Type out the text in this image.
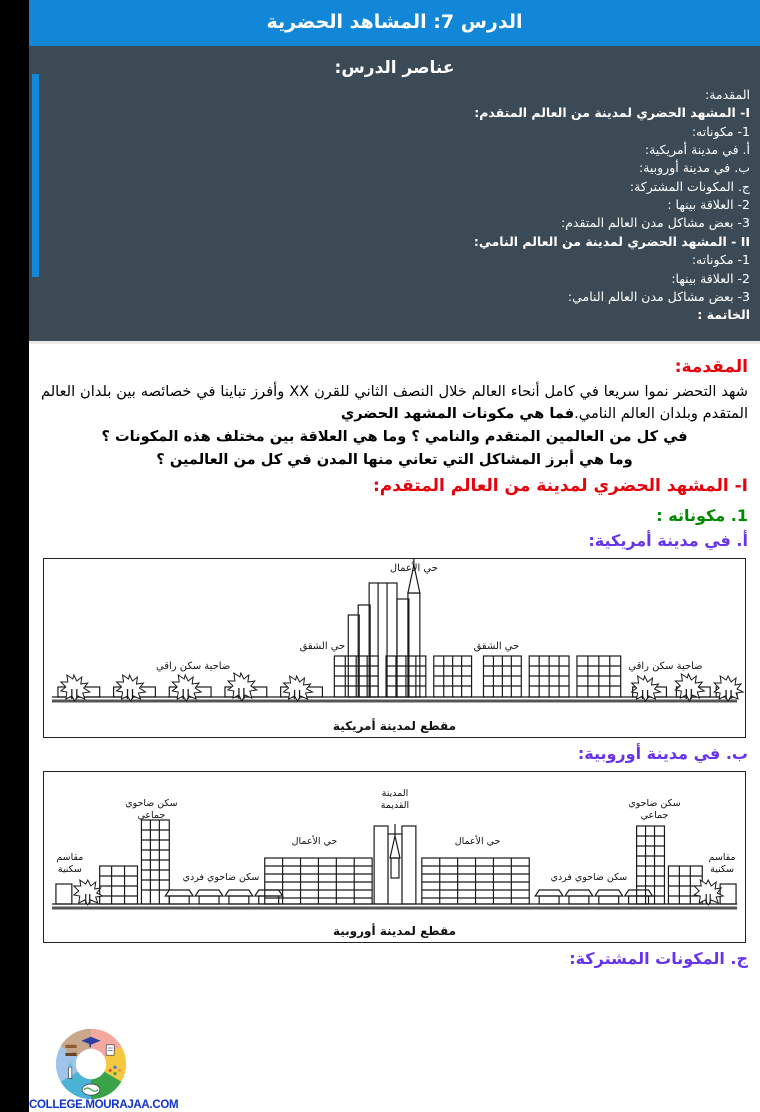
الدرس 7: المشاهد الحضرية
عناصر الدرس:
المقدمة:
I- المشهد الحضري لمدينة من العالم المتقدم:
1- مكوناته:
أ. في مدينة أمريكية:
ب. في مدينة أوروبية:
ج. المكونات المشتركة:
2- العلاقة بينها :
3- بعض مشاكل مدن العالم المتقدم:
II - المشهد الحضري لمدينة من العالم النامي:
1- مكوناته:
2- العلاقة بينها:
3- بعض مشاكل مدن العالم النامي:
الخاتمة :
المقدمة:
شهد التحضر نموا سريعا في كامل أنحاء العالم خلال النصف الثاني للقرن XX وأفرز تباينا في خصائصه بين بلدان العالم المتقدم وبلدان العالم النامي.فما هي مكونات المشهد الحضري
في كل من العالمين المتقدم والنامي ؟ وما هي العلاقة بين مختلف هذه المكونات ؟
وما هي أبرز المشاكل التي تعاني منها المدن في كل من العالمين ؟
I- المشهد الحضري لمدينة من العالم المتقدم:
1. مكوناته :
أ. في مدينة أمريكية:
حي الأعمال
حي الشقق	حي الشقق
ضاحية سكن راقي	ضاحية سكن راقي
مقطع لمدينة أمريكية
ب. في مدينة أوروبية:
المدينة
القديمة
حي الأعمال	حي الأعمال
سكن ضاحوي
جماعي
سكن ضاحوي
جماعي
سكن ضاحوي فردي	سكن ضاحوي فردي
مقاسم
سكنية
مقاسم
سكنية
مقطع لمدينة أوروبية
ج. المكونات المشتركة:
COLLEGE.MOURAJAA.COM
